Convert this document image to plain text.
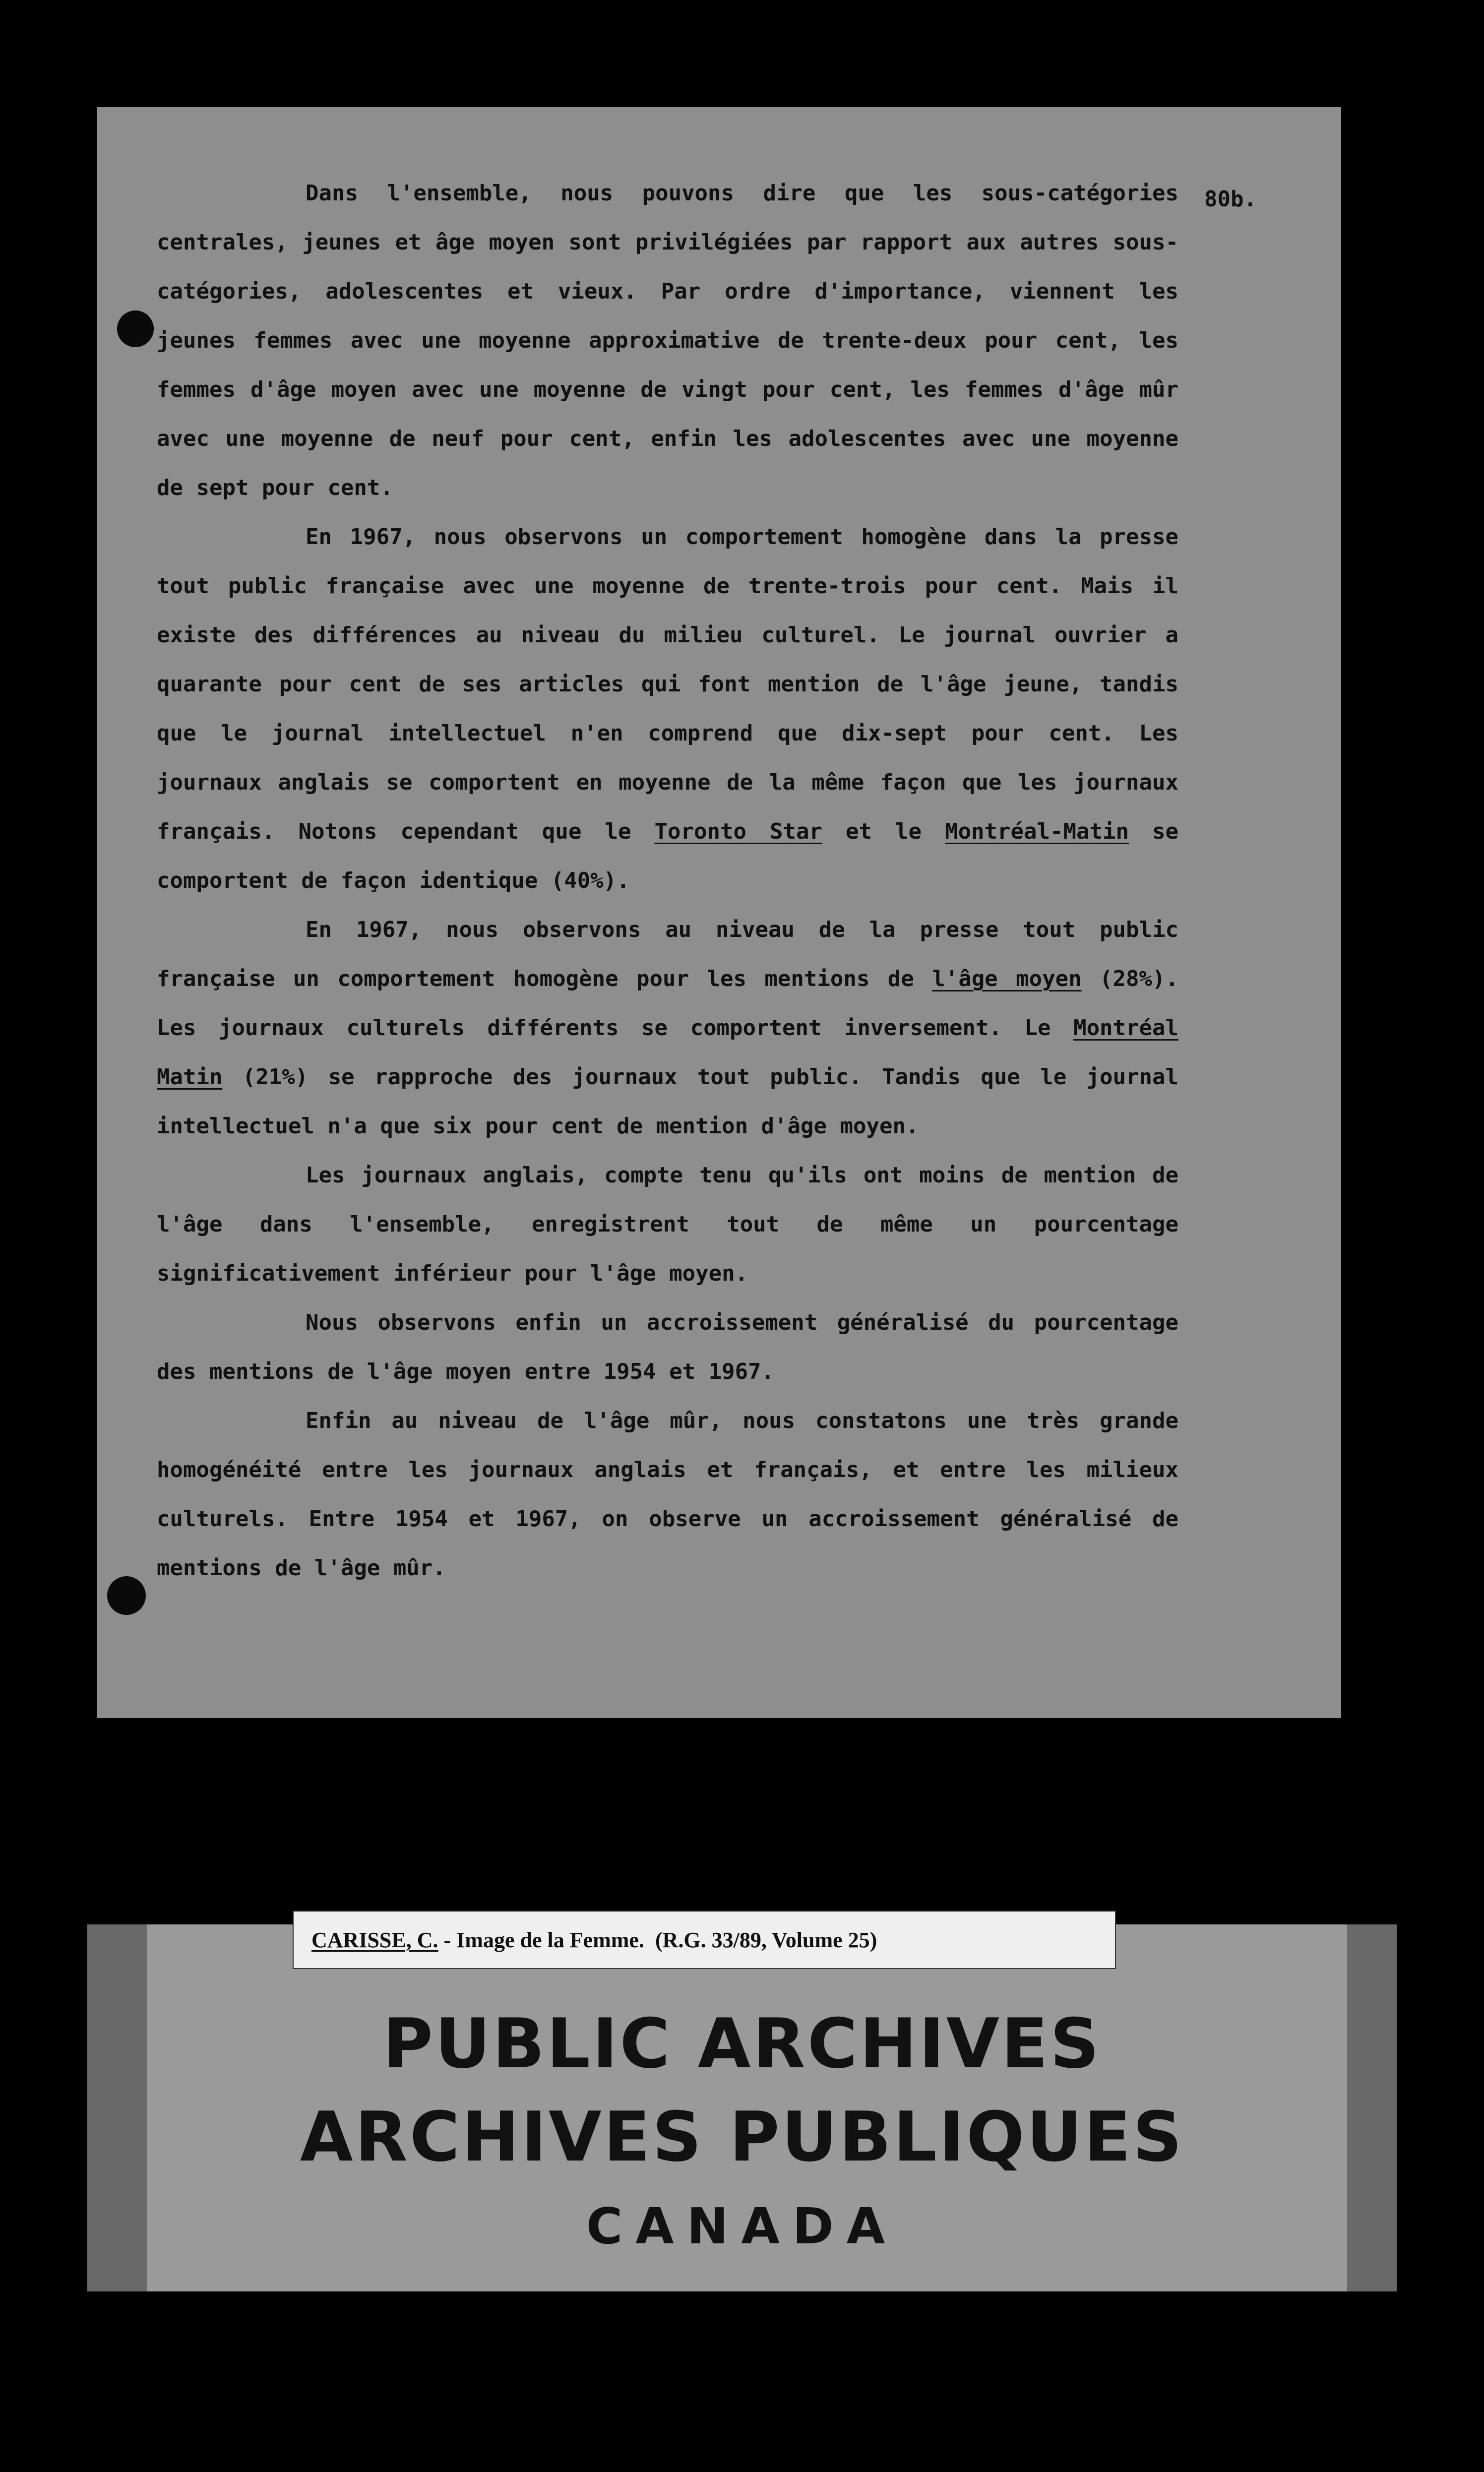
80b.

Dans l'ensemble, nous pouvons dire que les sous-catégories centrales, jeunes et âge moyen sont privilégiées par rapport aux autres sous-catégories, adolescentes et vieux. Par ordre d'importance, viennent les jeunes femmes avec une moyenne approximative de trente-deux pour cent, les femmes d'âge moyen avec une moyenne de vingt pour cent, les femmes d'âge mûr avec une moyenne de neuf pour cent, enfin les adolescentes avec une moyenne de sept pour cent.

En 1967, nous observons un comportement homogène dans la presse tout public française avec une moyenne de trente-trois pour cent. Mais il existe des différences au niveau du milieu culturel. Le journal ouvrier a quarante pour cent de ses articles qui font mention de l'âge jeune, tandis que le journal intellectuel n'en comprend que dix-sept pour cent. Les journaux anglais se comportent en moyenne de la même façon que les journaux français. Notons cependant que le Toronto Star et le Montréal-Matin se comportent de façon identique (40%).

En 1967, nous observons au niveau de la presse tout public française un comportement homogène pour les mentions de l'âge moyen (28%). Les journaux culturels différents se comportent inversement. Le Montréal Matin (21%) se rapproche des journaux tout public. Tandis que le journal intellectuel n'a que six pour cent de mention d'âge moyen.

Les journaux anglais, compte tenu qu'ils ont moins de mention de l'âge dans l'ensemble, enregistrent tout de même un pourcentage significativement inférieur pour l'âge moyen.

Nous observons enfin un accroissement généralisé du pourcentage des mentions de l'âge moyen entre 1954 et 1967.

Enfin au niveau de l'âge mûr, nous constatons une très grande homogénéité entre les journaux anglais et français, et entre les milieux culturels. Entre 1954 et 1967, on observe un accroissement généralisé de mentions de l'âge mûr.

CARISSE, C. - Image de la Femme.  (R.G. 33/89, Volume 25)

PUBLIC ARCHIVES

ARCHIVES PUBLIQUES

CANADA
